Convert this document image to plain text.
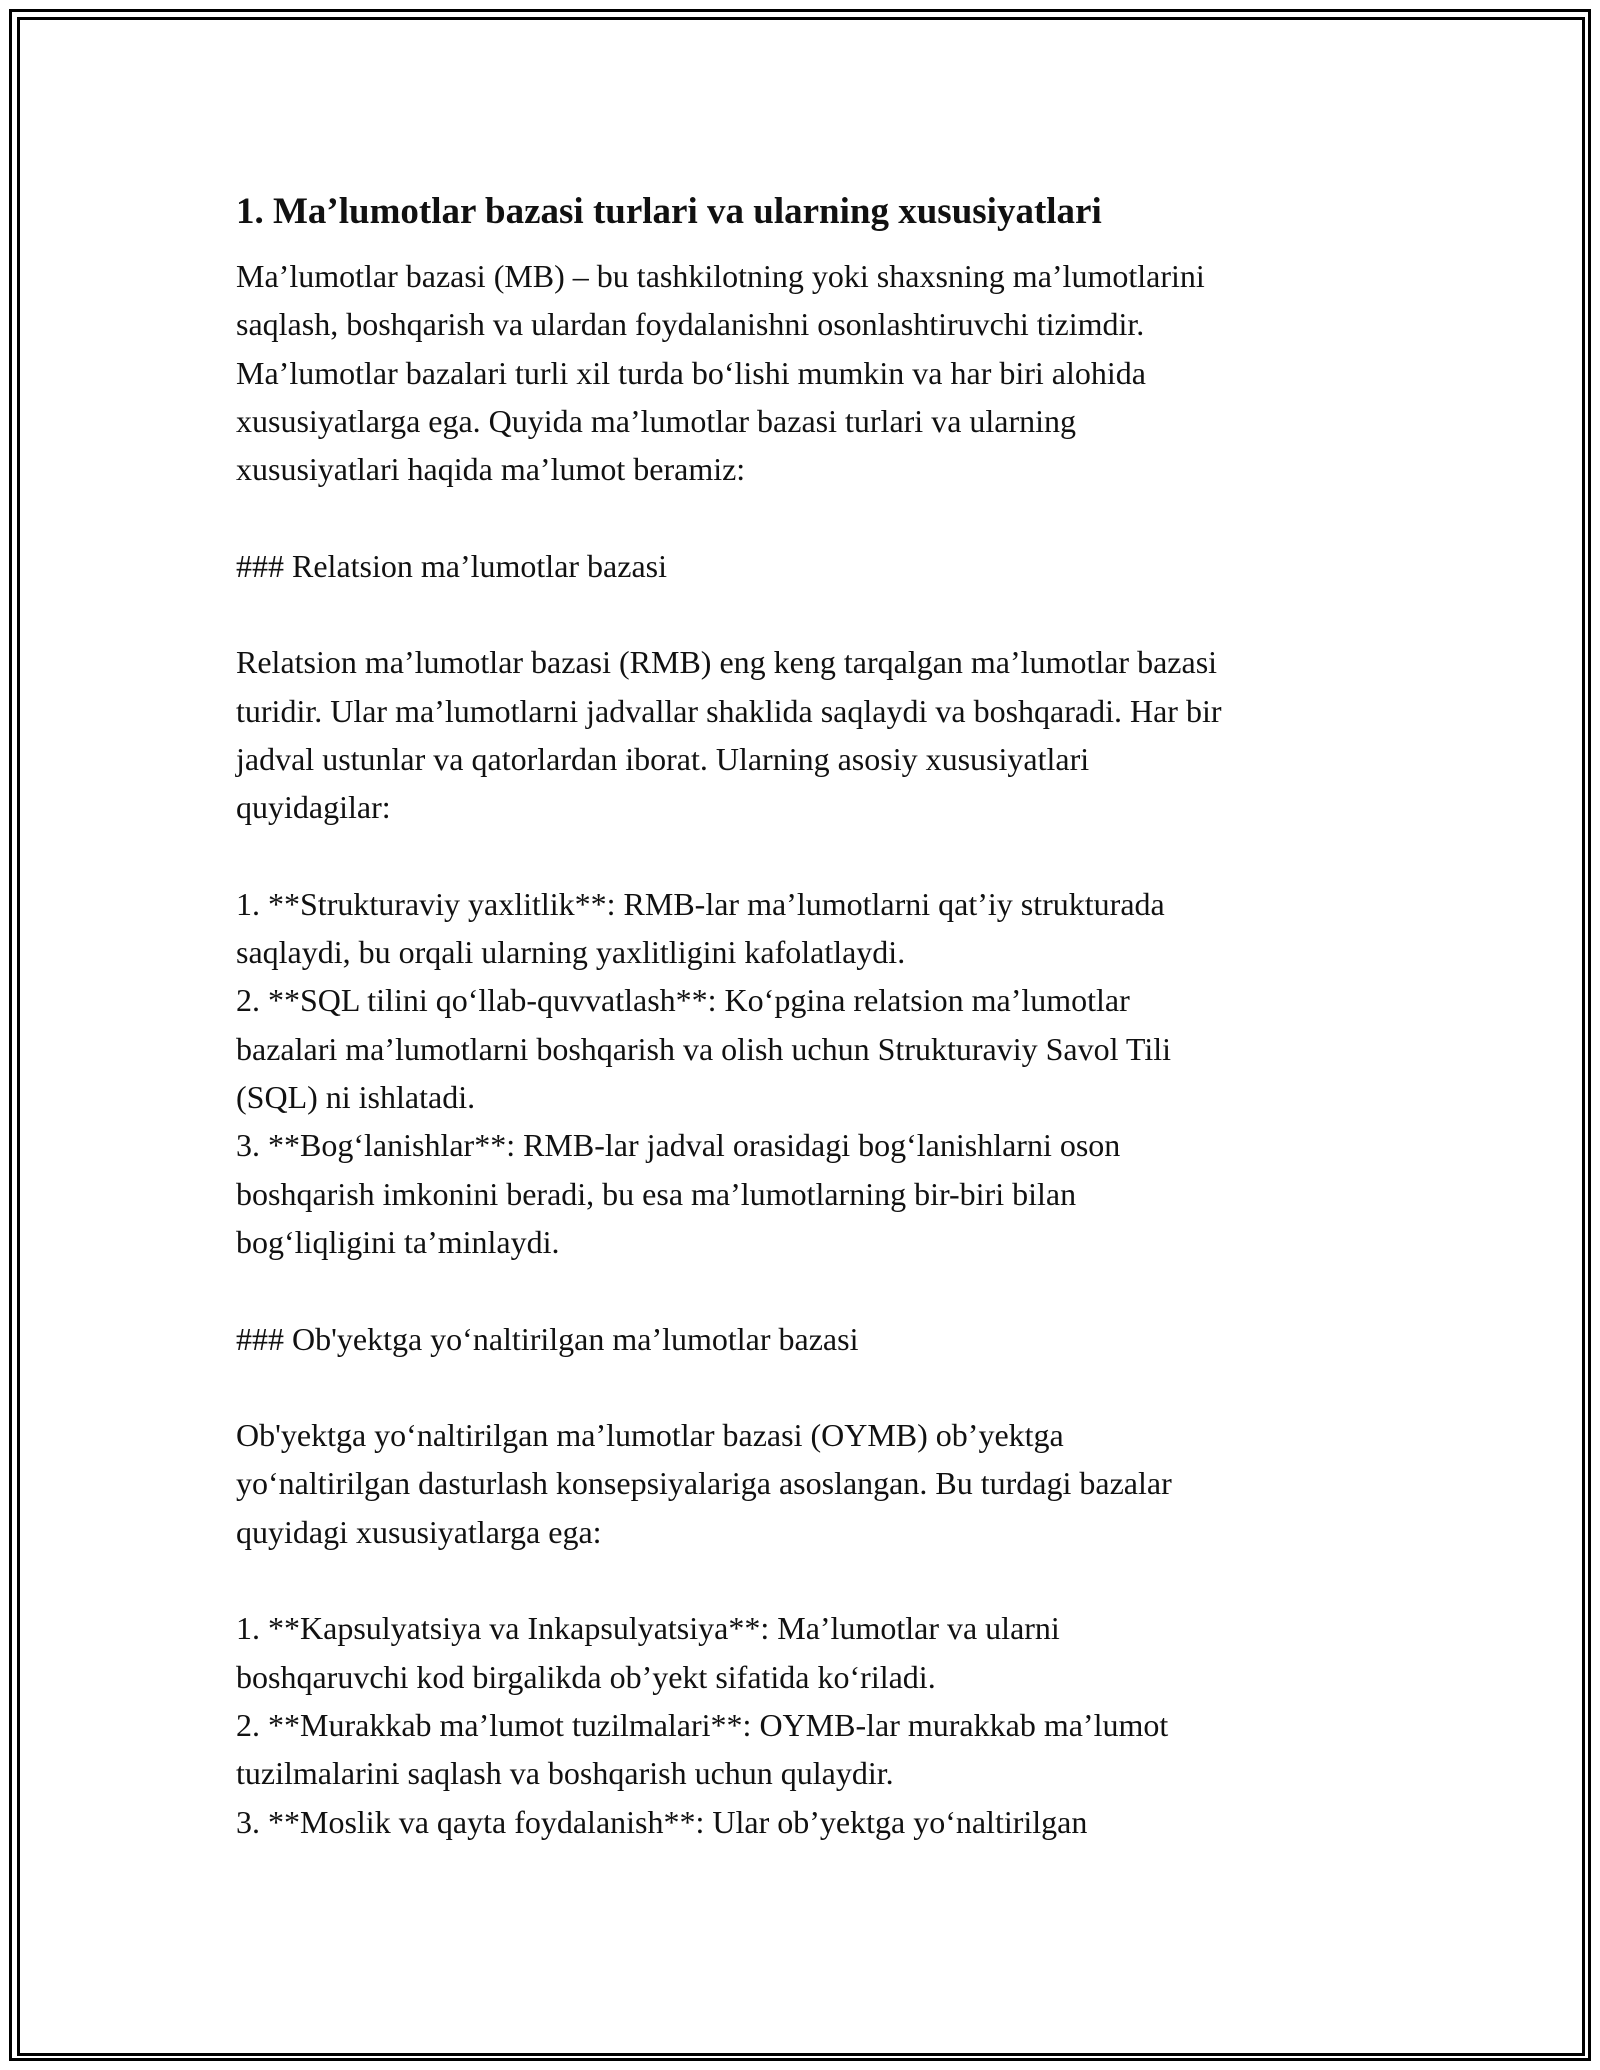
1. Ma’lumotlar bazasi turlari va ularning xususiyatlari

Ma’lumotlar bazasi (MB) – bu tashkilotning yoki shaxsning ma’lumotlarini

saqlash, boshqarish va ulardan foydalanishni osonlashtiruvchi tizimdir.

Ma’lumotlar bazalari turli xil turda bo‘lishi mumkin va har biri alohida

xususiyatlarga ega. Quyida ma’lumotlar bazasi turlari va ularning

xususiyatlari haqida ma’lumot beramiz:

### Relatsion ma’lumotlar bazasi

Relatsion ma’lumotlar bazasi (RMB) eng keng tarqalgan ma’lumotlar bazasi

turidir. Ular ma’lumotlarni jadvallar shaklida saqlaydi va boshqaradi. Har bir

jadval ustunlar va qatorlardan iborat. Ularning asosiy xususiyatlari

quyidagilar:

1. **Strukturaviy yaxlitlik**: RMB-lar ma’lumotlarni qat’iy strukturada

saqlaydi, bu orqali ularning yaxlitligini kafolatlaydi.

2. **SQL tilini qo‘llab-quvvatlash**: Ko‘pgina relatsion ma’lumotlar

bazalari ma’lumotlarni boshqarish va olish uchun Strukturaviy Savol Tili

(SQL) ni ishlatadi.

3. **Bog‘lanishlar**: RMB-lar jadval orasidagi bog‘lanishlarni oson

boshqarish imkonini beradi, bu esa ma’lumotlarning bir-biri bilan

bog‘liqligini ta’minlaydi.

### Ob'yektga yo‘naltirilgan ma’lumotlar bazasi

Ob'yektga yo‘naltirilgan ma’lumotlar bazasi (OYMB) ob’yektga

yo‘naltirilgan dasturlash konsepsiyalariga asoslangan. Bu turdagi bazalar

quyidagi xususiyatlarga ega:

1. **Kapsulyatsiya va Inkapsulyatsiya**: Ma’lumotlar va ularni

boshqaruvchi kod birgalikda ob’yekt sifatida ko‘riladi.

2. **Murakkab ma’lumot tuzilmalari**: OYMB-lar murakkab ma’lumot

tuzilmalarini saqlash va boshqarish uchun qulaydir.

3. **Moslik va qayta foydalanish**: Ular ob’yektga yo‘naltirilgan
